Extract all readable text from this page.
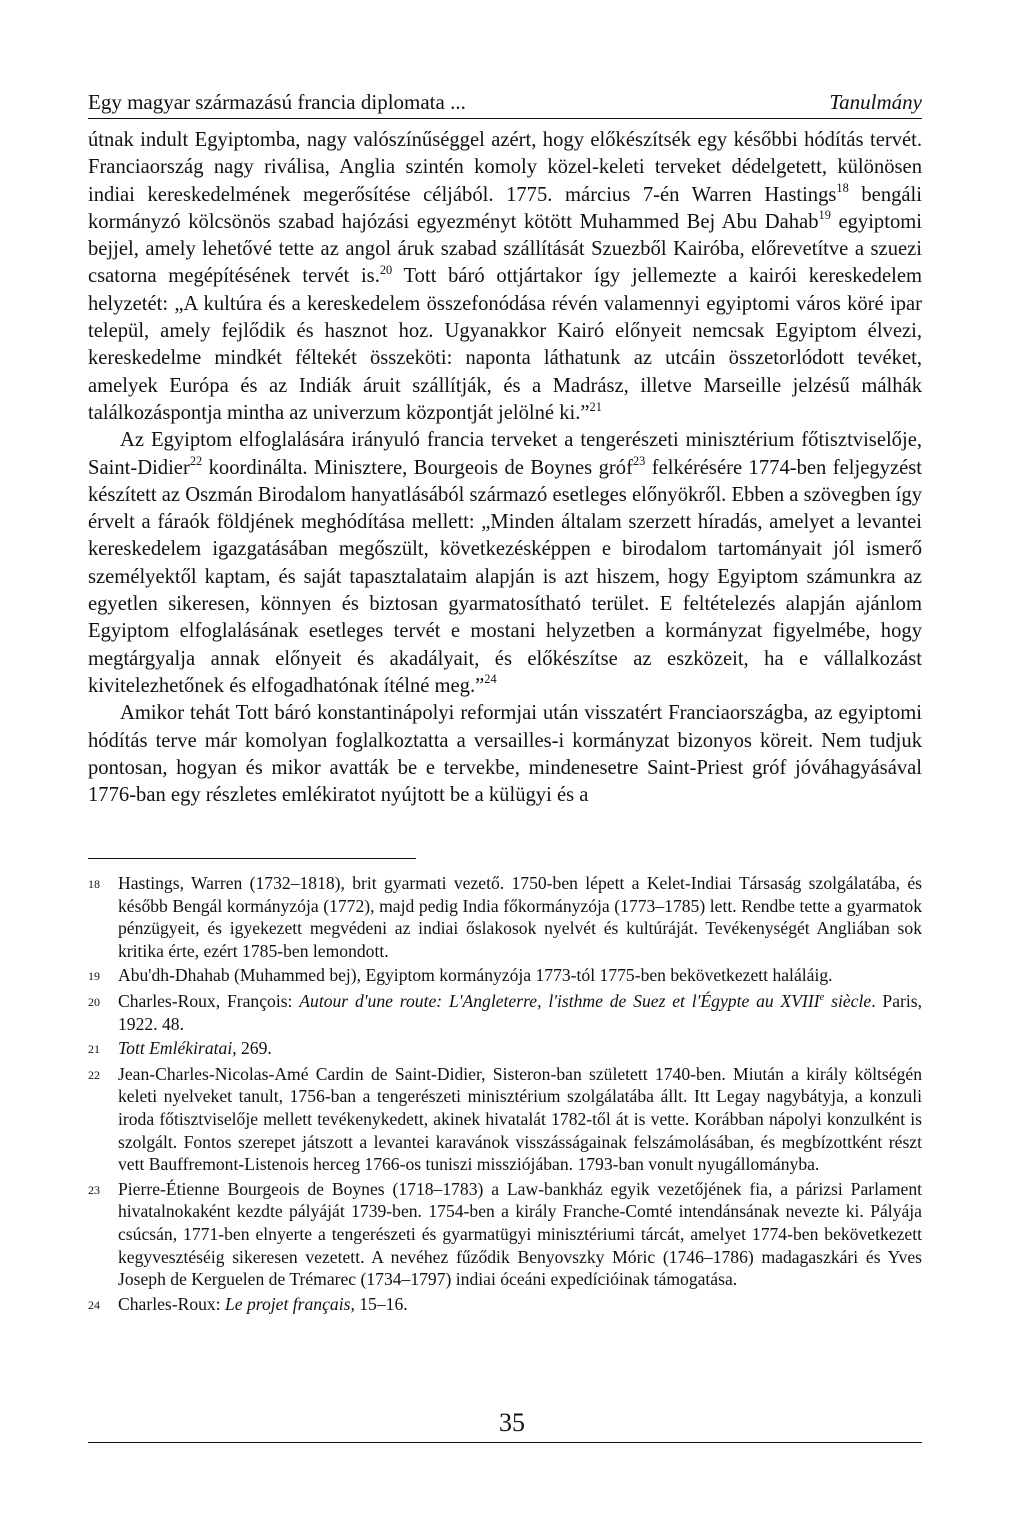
Egy magyar származású francia diplomata ...	Tanulmány

útnak indult Egyiptomba, nagy valószínűséggel azért, hogy előkészítsék egy későbbi hódítás tervét. Franciaország nagy riválisa, Anglia szintén komoly közel-keleti terveket dédelgetett, különösen indiai kereskedelmének megerősítése céljából. 1775. március 7-én Warren Hastings$^{18}$ bengáli kormányzó kölcsönös szabad hajózási egyezményt kötött Muhammed Bej Abu Dahab$^{19}$ egyiptomi bejjel, amely lehetővé tette az angol áruk szabad szállítását Szuezből Kairóba, előrevetítve a szuezi csatorna megépítésének tervét is.$^{20}$ Tott báró ottjártakor így jellemezte a kairói kereskedelem helyzetét: „A kultúra és a kereskedelem összefonódása révén valamennyi egyiptomi város köré ipar települ, amely fejlődik és hasznot hoz. Ugyanakkor Kairó előnyeit nemcsak Egyiptom élvezi, kereskedelme mindkét féltekét összeköti: naponta láthatunk az utcáin összetorlódott tevéket, amelyek Európa és az Indiák áruit szállítják, és a Madrász, illetve Marseille jelzésű málhák találkozáspontja mintha az univerzum központját jelölné ki.”$^{21}$

Az Egyiptom elfoglalására irányuló francia terveket a tengerészeti minisztérium főtisztviselője, Saint-Didier$^{22}$ koordinálta. Minisztere, Bourgeois de Boynes gróf$^{23}$ felkérésére 1774-ben feljegyzést készített az Oszmán Birodalom hanyatlásából származó esetleges előnyökről. Ebben a szövegben így érvelt a fáraók földjének meghódítása mellett: „Minden általam szerzett híradás, amelyet a levantei kereskedelem igazgatásában megőszült, következésképpen e birodalom tartományait jól ismerő személyektől kaptam, és saját tapasztalataim alapján is azt hiszem, hogy Egyiptom számunkra az egyetlen sikeresen, könnyen és biztosan gyarmatosítható terület. E feltételezés alapján ajánlom Egyiptom elfoglalásának esetleges tervét e mostani helyzetben a kormányzat figyelmébe, hogy megtárgyalja annak előnyeit és akadályait, és előkészítse az eszközeit, ha e vállalkozást kivitelezhetőnek és elfogadhatónak ítélné meg.”$^{24}$

Amikor tehát Tott báró konstantinápolyi reformjai után visszatért Franciaországba, az egyiptomi hódítás terve már komolyan foglalkoztatta a versailles-i kormányzat bizonyos köreit. Nem tudjuk pontosan, hogyan és mikor avatták be e tervekbe, mindenesetre Saint-Priest gróf jóváhagyásával 1776-ban egy részletes emlékiratot nyújtott be a külügyi és a

18	Hastings, Warren (1732–1818), brit gyarmati vezető. 1750-ben lépett a Kelet-Indiai Társaság szolgálatába, és később Bengál kormányzója (1772), majd pedig India főkormányzója (1773–1785) lett. Rendbe tette a gyarmatok pénzügyeit, és igyekezett megvédeni az indiai őslakosok nyelvét és kultúráját. Tevékenységét Angliában sok kritika érte, ezért 1785-ben lemondott.
19	Abu'dh-Dhahab (Muhammed bej), Egyiptom kormányzója 1773-tól 1775-ben bekövetkezett haláláig.
20	Charles-Roux, François: Autour d'une route: L'Angleterre, l'isthme de Suez et l'Égypte au XVIIIe siècle. Paris, 1922. 48.
21	Tott Emlékiratai, 269.
22	Jean-Charles-Nicolas-Amé Cardin de Saint-Didier, Sisteron-ban született 1740-ben. Miután a király költségén keleti nyelveket tanult, 1756-ban a tengerészeti minisztérium szolgálatába állt. Itt Legay nagybátyja, a konzuli iroda főtisztviselője mellett tevékenykedett, akinek hivatalát 1782-től át is vette. Korábban nápolyi konzulként is szolgált. Fontos szerepet játszott a levantei karavánok visszásságainak felszámolásában, és megbízottként részt vett Bauffremont-Listenois herceg 1766-os tuniszi missziójában. 1793-ban vonult nyugállományba.
23	Pierre-Étienne Bourgeois de Boynes (1718–1783) a Law-bankház egyik vezetőjének fia, a párizsi Parlament hivatalnokaként kezdte pályáját 1739-ben. 1754-ben a király Franche-Comté intendánsának nevezte ki. Pályája csúcsán, 1771-ben elnyerte a tengerészeti és gyarmatügyi minisztériumi tárcát, amelyet 1774-ben bekövetkezett kegyvesztéséig sikeresen vezetett. A nevéhez fűződik Benyovszky Móric (1746–1786) madagaszkári és Yves Joseph de Kerguelen de Trémarec (1734–1797) indiai óceáni expedícióinak támogatása.
24	Charles-Roux: Le projet français, 15–16.
35
